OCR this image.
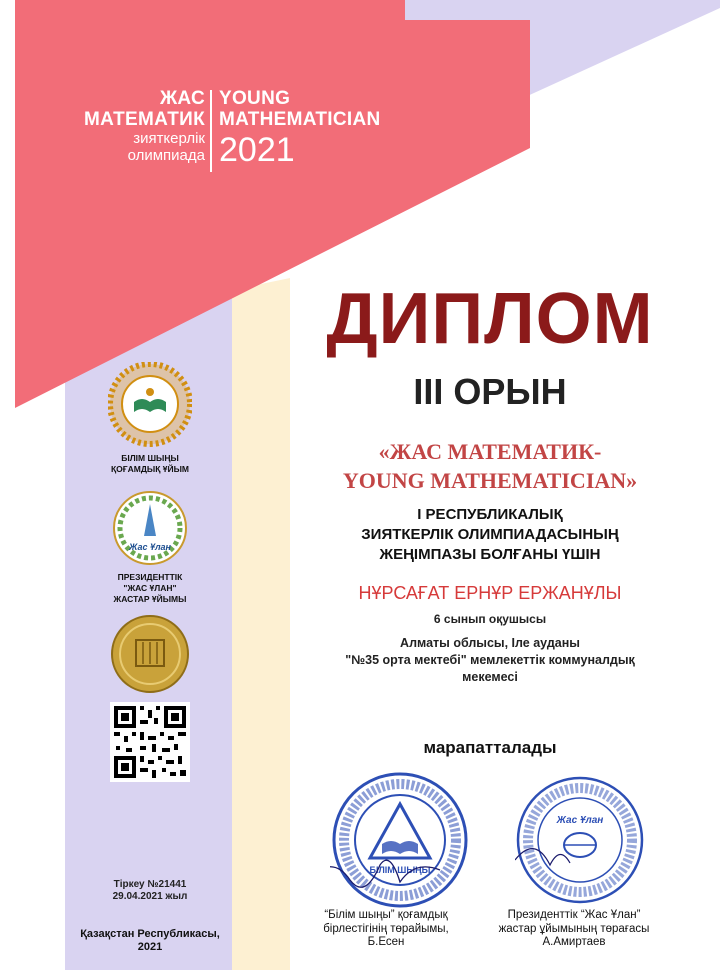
ЖАС
МАТЕМАТИК
зияткерлік
олимпиада
YOUNG
MATHEMATICIAN
2021
ДИПЛОМ
ІІІ ОРЫН
«ЖАС МАТЕМАТИК-
YOUNG MATHEMATICIAN»
I РЕСПУБЛИКАЛЫҚ
ЗИЯТКЕРЛІК ОЛИМПИАДАСЫНЫҢ
ЖЕҢІМПАЗЫ БОЛҒАНЫ ҮШІН
НҰРСАҒАТ ЕРНҰР ЕРЖАНҰЛЫ
6 сынып оқушысы
Алматы облысы, Іле ауданы
"№35 орта мектебі" мемлекеттік коммуналдық
мекемесі
марапатталады
БІЛІМ ШЫҢЫ
Жас Ұлан
“Білім шыңы” қоғамдық
бірлестігінің төрайымы,
Б.Есен
Президенттік “Жас Ұлан”
жастар ұйымының төрағасы
А.Амиртаев
БІЛІМ ШЫҢЫ
ҚОҒАМДЫҚ ҰЙЫМ
Жас Ұлан
ПРЕЗИДЕНТТІК
"ЖАС ҰЛАН"
ЖАСТАР ҰЙЫМЫ
Тіркеу №21441
29.04.2021 жыл
Қазақстан Республикасы,
2021
